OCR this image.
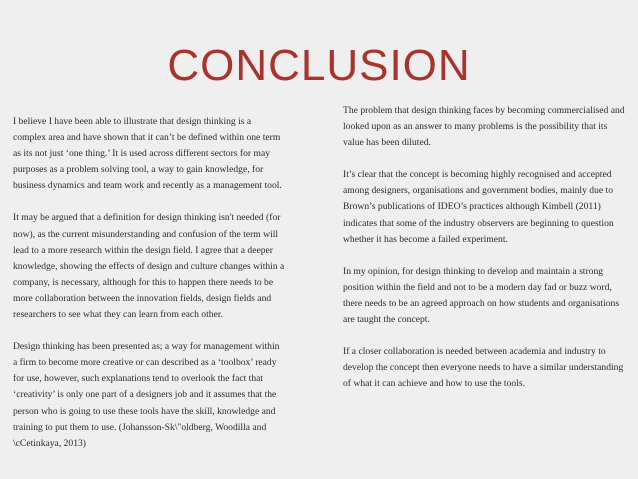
CONCLUSION

I believe I have been able to illustrate that design thinking is a complex area and have shown that it can’t be defined within one term as its not just ‘one thing.’ It is used across different sectors for may purposes as a problem solving tool, a way to gain knowledge, for business dynamics and team work and recently as a management tool.

It may be argued that a definition for design thinking isn't needed (for now), as the current misunderstanding and confusion of the term will lead to a more research within the design field. I agree that a deeper knowledge, showing the effects of design and culture changes within a company, is necessary, although for this to happen there needs to be more collaboration between the innovation fields, design fields and researchers to see what they can learn from each other.

Design thinking has been presented as; a way for management within a firm to become more creative or can described as a ‘toolbox’ ready for use, however, such explanations tend to overlook the fact that ‘creativity’ is only one part of a designers job and it assumes that the person who is going to use these tools have the skill, knowledge and training to put them to use. (Johansson-Sk\"oldberg, Woodilla and \cCetinkaya, 2013)

The problem that design thinking faces by becoming commercialised and looked upon as an answer to many problems is the possibility that its value has been diluted.

It’s clear that the concept is becoming highly recognised and accepted among designers, organisations and government bodies, mainly due to Brown’s publications of IDEO’s practices although Kimbell (2011) indicates that some of the industry observers are beginning to question whether it has become a failed experiment.

In my opinion, for design thinking to develop and maintain a strong position within the field and not to be a modern day fad or buzz word, there needs to be an agreed approach on how students and organisations are taught the concept.

If a closer collaboration is needed between academia and industry to develop the concept then everyone needs to have a similar understanding of what it can achieve and how to use the tools.
